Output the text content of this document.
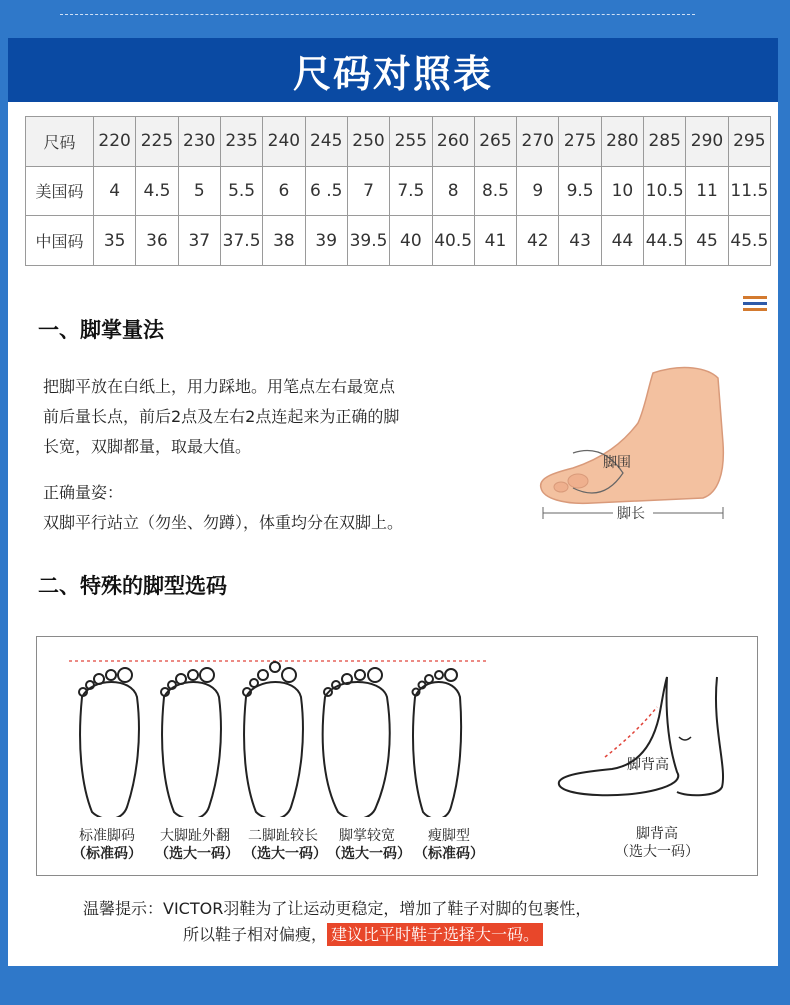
尺码对照表
尺码	220	225	230	235	240	245	250	255	260	265	270	275	280	285	290	295
美国码	4	4.5	5	5.5	6	6 .5	7	7.5	8	8.5	9	9.5	10	10.5	11	11.5
中国码	35	36	37	37.5	38	39	39.5	40	40.5	41	42	43	44	44.5	45	45.5
一、脚掌量法
把脚平放在白纸上，用力踩地。用笔点左右最宽点
前后量长点，前后2点及左右2点连起来为正确的脚
长宽，双脚都量，取最大值。
正确量姿：
双脚平行站立（勿坐、勿蹲），体重均分在双脚上。
脚围
脚长
二、特殊的脚型选码
脚背高
标准脚码
（标准码）
大脚趾外翻
（选大一码）
二脚趾较长
（选大一码）
脚掌较宽
（选大一码）
瘦脚型
（标准码）
脚背高
（选大一码）
温馨提示：VICTOR羽鞋为了让运动更稳定，增加了鞋子对脚的包裹性，
所以鞋子相对偏瘦， 建议比平时鞋子选择大一码。
